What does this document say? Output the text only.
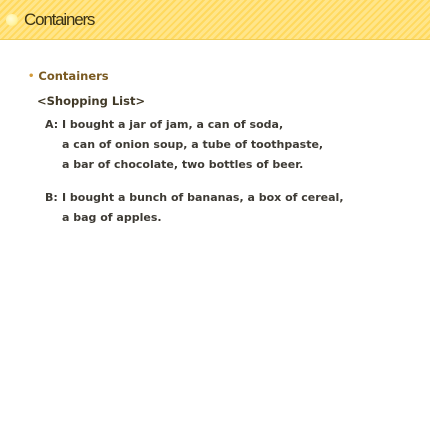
Containers
• Containers
<Shopping List>
A: I bought a jar of jam, a can of soda,
a can of onion soup, a tube of toothpaste,
a bar of chocolate, two bottles of beer.
B: I bought a bunch of bananas, a box of cereal,
a bag of apples.
